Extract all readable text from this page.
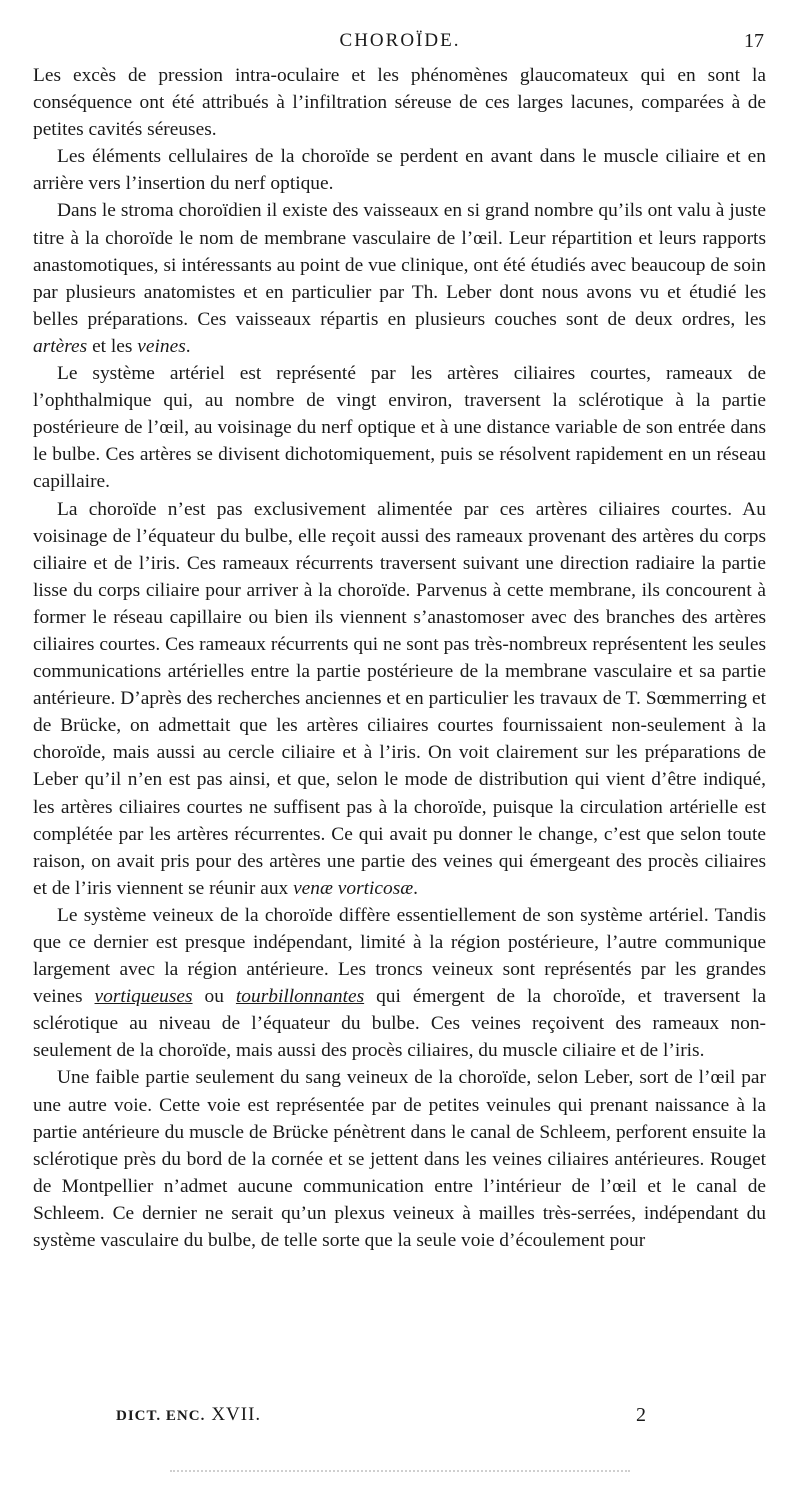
CHOROÏDE.	17

Les excès de pression intra-oculaire et les phénomènes glaucomateux qui en sont la conséquence ont été attribués à l’infiltration séreuse de ces larges lacunes, comparées à de petites cavités séreuses.

Les éléments cellulaires de la choroïde se perdent en avant dans le muscle ciliaire et en arrière vers l’insertion du nerf optique.

Dans le stroma choroïdien il existe des vaisseaux en si grand nombre qu’ils ont valu à juste titre à la choroïde le nom de membrane vasculaire de l’œil. Leur répartition et leurs rapports anastomotiques, si intéressants au point de vue clinique, ont été étudiés avec beaucoup de soin par plusieurs anatomistes et en particulier par Th. Leber dont nous avons vu et étudié les belles préparations. Ces vaisseaux répartis en plusieurs couches sont de deux ordres, les artères et les veines.

Le système artériel est représenté par les artères ciliaires courtes, rameaux de l’ophthalmique qui, au nombre de vingt environ, traversent la sclérotique à la partie postérieure de l’œil, au voisinage du nerf optique et à une distance variable de son entrée dans le bulbe. Ces artères se divisent dichotomiquement, puis se résolvent rapidement en un réseau capillaire.

La choroïde n’est pas exclusivement alimentée par ces artères ciliaires courtes. Au voisinage de l’équateur du bulbe, elle reçoit aussi des rameaux provenant des artères du corps ciliaire et de l’iris. Ces rameaux récurrents traversent suivant une direction radiaire la partie lisse du corps ciliaire pour arriver à la choroïde. Parvenus à cette membrane, ils concourent à former le réseau capillaire ou bien ils viennent s’anastomoser avec des branches des artères ciliaires courtes. Ces rameaux récurrents qui ne sont pas très-nombreux représentent les seules communications artérielles entre la partie postérieure de la membrane vasculaire et sa partie antérieure. D’après des recherches anciennes et en particulier les travaux de T. Sœmmerring et de Brücke, on admettait que les artères ciliaires courtes fournissaient non-seulement à la choroïde, mais aussi au cercle ciliaire et à l’iris. On voit clairement sur les préparations de Leber qu’il n’en est pas ainsi, et que, selon le mode de distribution qui vient d’être indiqué, les artères ciliaires courtes ne suffisent pas à la choroïde, puisque la circulation artérielle est complétée par les artères récurrentes. Ce qui avait pu donner le change, c’est que selon toute raison, on avait pris pour des artères une partie des veines qui émergeant des procès ciliaires et de l’iris viennent se réunir aux venæ vorticosæ.

Le système veineux de la choroïde diffère essentiellement de son système artériel. Tandis que ce dernier est presque indépendant, limité à la région postérieure, l’autre communique largement avec la région antérieure. Les troncs veineux sont représentés par les grandes veines vortiqueuses ou tourbillonnantes qui émergent de la choroïde, et traversent la sclérotique au niveau de l’équateur du bulbe. Ces veines reçoivent des rameaux non-seulement de la choroïde, mais aussi des procès ciliaires, du muscle ciliaire et de l’iris.

Une faible partie seulement du sang veineux de la choroïde, selon Leber, sort de l’œil par une autre voie. Cette voie est représentée par de petites veinules qui prenant naissance à la partie antérieure du muscle de Brücke pénètrent dans le canal de Schleem, perforent ensuite la sclérotique près du bord de la cornée et se jettent dans les veines ciliaires antérieures. Rouget de Montpellier n’admet aucune communication entre l’intérieur de l’œil et le canal de Schleem. Ce dernier ne serait qu’un plexus veineux à mailles très-serrées, indépendant du système vasculaire du bulbe, de telle sorte que la seule voie d’écoulement pour

DICT. ENC. XVII.	2
